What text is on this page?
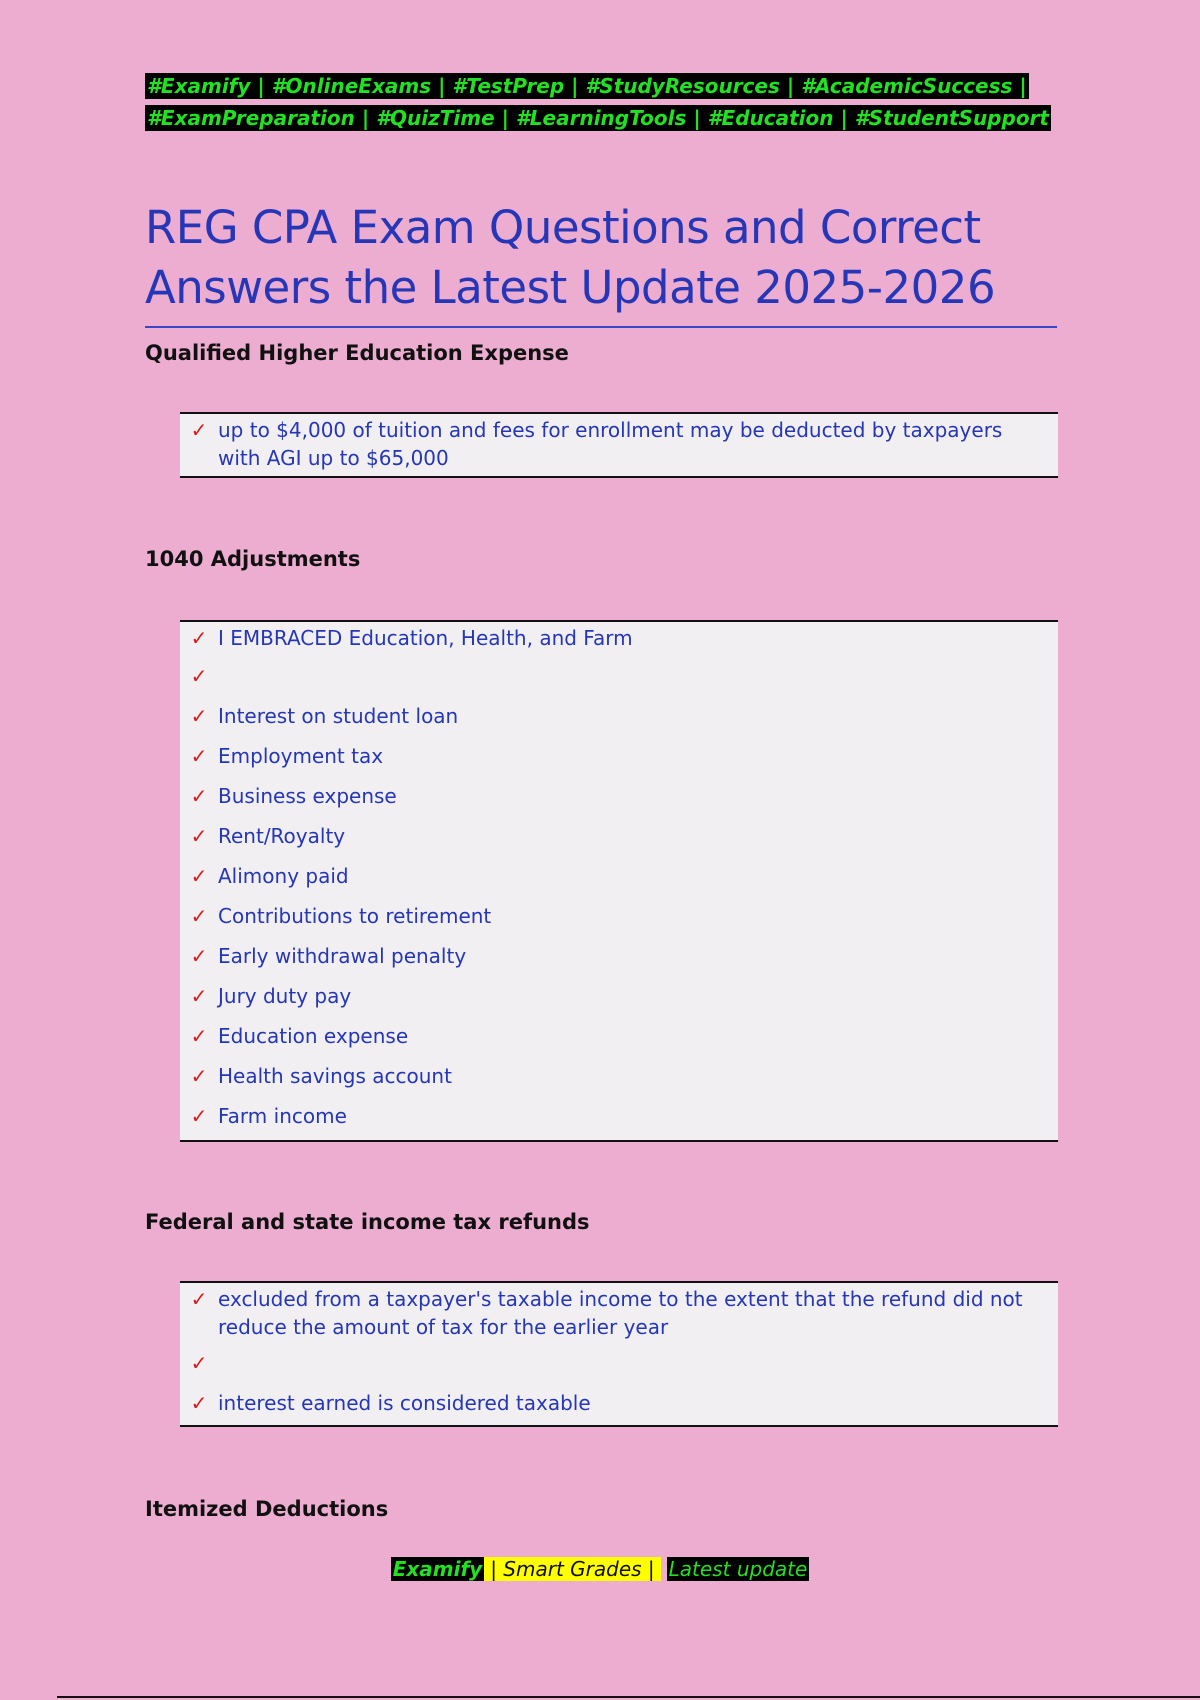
#Examify | #OnlineExams | #TestPrep | #StudyResources | #AcademicSuccess |
#ExamPreparation | #QuizTime | #LearningTools | #Education | #StudentSupport
REG CPA Exam Questions and Correct
Answers the Latest Update 2025-2026
Qualified Higher Education Expense
✓ up to $4,000 of tuition and fees for enrollment may be deducted by taxpayers with AGI up to $65,000
1040 Adjustments
✓ I EMBRACED Education, Health, and Farm
✓
✓ Interest on student loan
✓ Employment tax
✓ Business expense
✓ Rent/Royalty
✓ Alimony paid
✓ Contributions to retirement
✓ Early withdrawal penalty
✓ Jury duty pay
✓ Education expense
✓ Health savings account
✓ Farm income
Federal and state income tax refunds
✓ excluded from a taxpayer's taxable income to the extent that the refund did not reduce the amount of tax for the earlier year
✓
✓ interest earned is considered taxable
Itemized Deductions
Examify | Smart Grades | Latest update
